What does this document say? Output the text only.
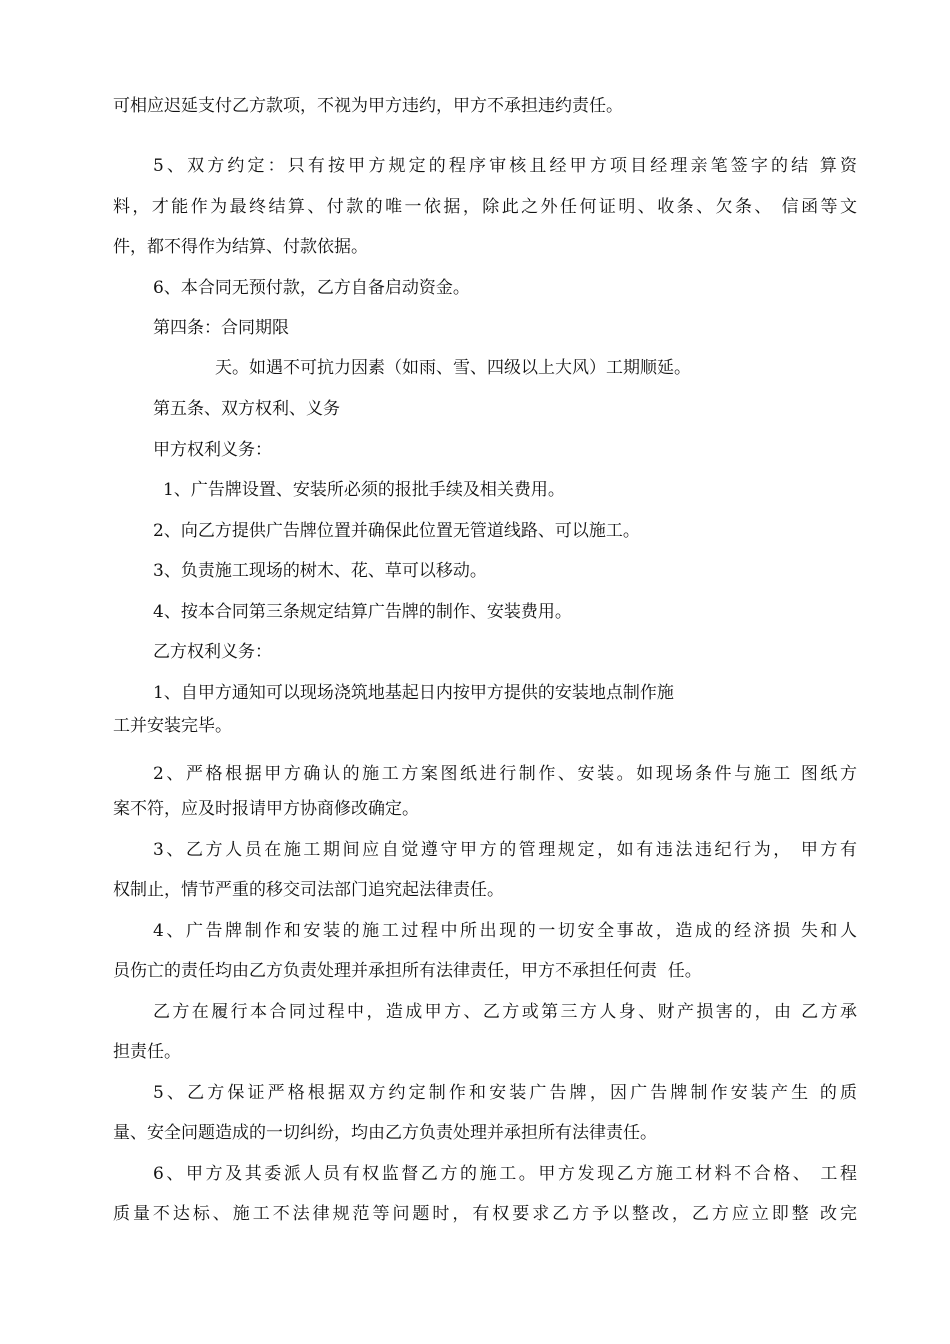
可相应迟延支付乙方款项，不视为甲方违约，甲方不承担违约责任。
5、双方约定：只有按甲方规定的程序审核且经甲方项目经理亲笔签字的结 算资
料，才能作为最终结算、付款的唯一依据，除此之外任何证明、收条、欠条、 信函等文
件，都不得作为结算、付款依据。
6、本合同无预付款，乙方自备启动资金。
第四条：合同期限
天。如遇不可抗力因素（如雨、雪、四级以上大风）工期顺延。
第五条、双方权利、义务
甲方权利义务：
1、广告牌设置、安装所必须的报批手续及相关费用。
2、向乙方提供广告牌位置并确保此位置无管道线路、可以施工。
3、负责施工现场的树木、花、草可以移动。
4、按本合同第三条规定结算广告牌的制作、安装费用。
乙方权利义务：
1、自甲方通知可以现场浇筑地基起日内按甲方提供的安装地点制作施
工并安装完毕。
2、严格根据甲方确认的施工方案图纸进行制作、安装。如现场条件与施工 图纸方
案不符，应及时报请甲方协商修改确定。
3、乙方人员在施工期间应自觉遵守甲方的管理规定，如有违法违纪行为， 甲方有
权制止，情节严重的移交司法部门追究起法律责任。
4、广告牌制作和安装的施工过程中所出现的一切安全事故，造成的经济损 失和人
员伤亡的责任均由乙方负责处理并承担所有法律责任，甲方不承担任何责  任。
乙方在履行本合同过程中，造成甲方、乙方或第三方人身、财产损害的，由 乙方承
担责任。
5、乙方保证严格根据双方约定制作和安装广告牌，因广告牌制作安装产生 的质
量、安全问题造成的一切纠纷，均由乙方负责处理并承担所有法律责任。
6、甲方及其委派人员有权监督乙方的施工。甲方发现乙方施工材料不合格、 工程
质量不达标、施工不法律规范等问题时，有权要求乙方予以整改，乙方应立即整 改完
